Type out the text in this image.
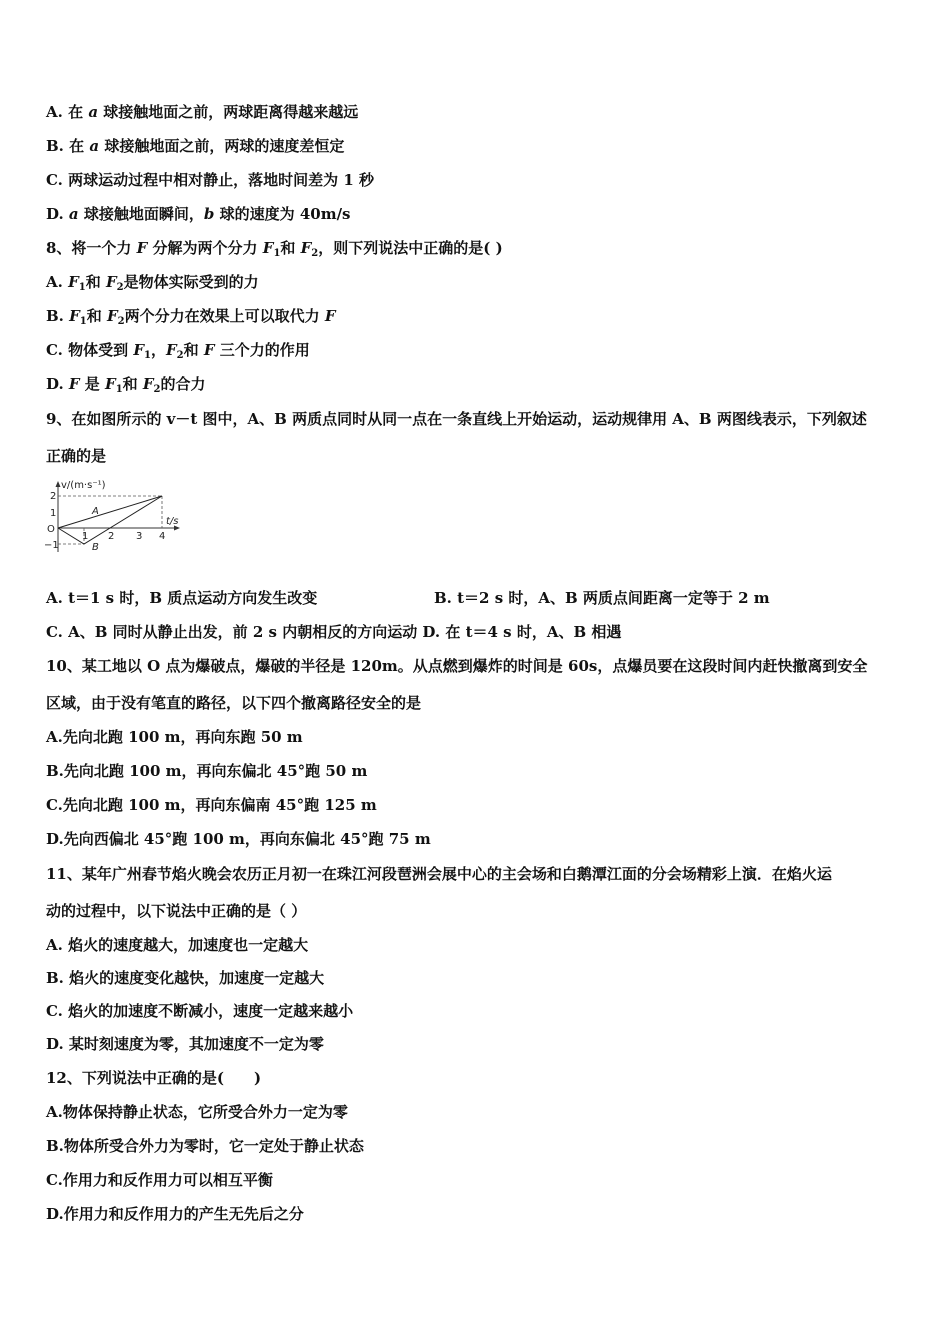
A. 在 a 球接触地面之前，两球距离得越来越远
B. 在 a 球接触地面之前，两球的速度差恒定
C. 两球运动过程中相对静止，落地时间差为 1 秒
D. a 球接触地面瞬间，b 球的速度为 40m/s
8、将一个力 F 分解为两个分力 $F_1$和 $F_2$，则下列说法中正确的是( )
A. $F_1$和 $F_2$是物体实际受到的力
B. $F_1$和 $F_2$两个分力在效果上可以取代力 F
C. 物体受到 $F_1$，$F_2$和 F 三个力的作用
D. F 是 $F_1$和 $F_2$的合力
9、在如图所示的 v－t 图中，A、B 两质点同时从同一点在一条直线上开始运动，运动规律用 A、B 两图线表示，下列叙述
正确的是
v/(m·s⁻¹)
t/s
O
2
1
−1
1 2 3 4
A
B
A. t＝1 s 时，B 质点运动方向发生改变	B. t＝2 s 时，A、B 两质点间距离一定等于 2 m
C. A、B 同时从静止出发，前 2 s 内朝相反的方向运动 D. 在 t＝4 s 时，A、B 相遇
10、某工地以 O 点为爆破点，爆破的半径是 120m。从点燃到爆炸的时间是 60s，点爆员要在这段时间内赶快撤离到安全
区域，由于没有笔直的路径，以下四个撤离路径安全的是
A.先向北跑 100 m，再向东跑 50 m
B.先向北跑 100 m，再向东偏北 45°跑 50 m
C.先向北跑 100 m，再向东偏南 45°跑 125 m
D.先向西偏北 45°跑 100 m，再向东偏北 45°跑 75 m
11、某年广州春节焰火晚会农历正月初一在珠江河段琶洲会展中心的主会场和白鹅潭江面的分会场精彩上演．在焰火运
动的过程中，以下说法中正确的是（ ）
A. 焰火的速度越大，加速度也一定越大
B. 焰火的速度变化越快，加速度一定越大
C. 焰火的加速度不断减小，速度一定越来越小
D. 某时刻速度为零，其加速度不一定为零
12、下列说法中正确的是(　　)
A.物体保持静止状态，它所受合外力一定为零
B.物体所受合外力为零时，它一定处于静止状态
C.作用力和反作用力可以相互平衡
D.作用力和反作用力的产生无先后之分
